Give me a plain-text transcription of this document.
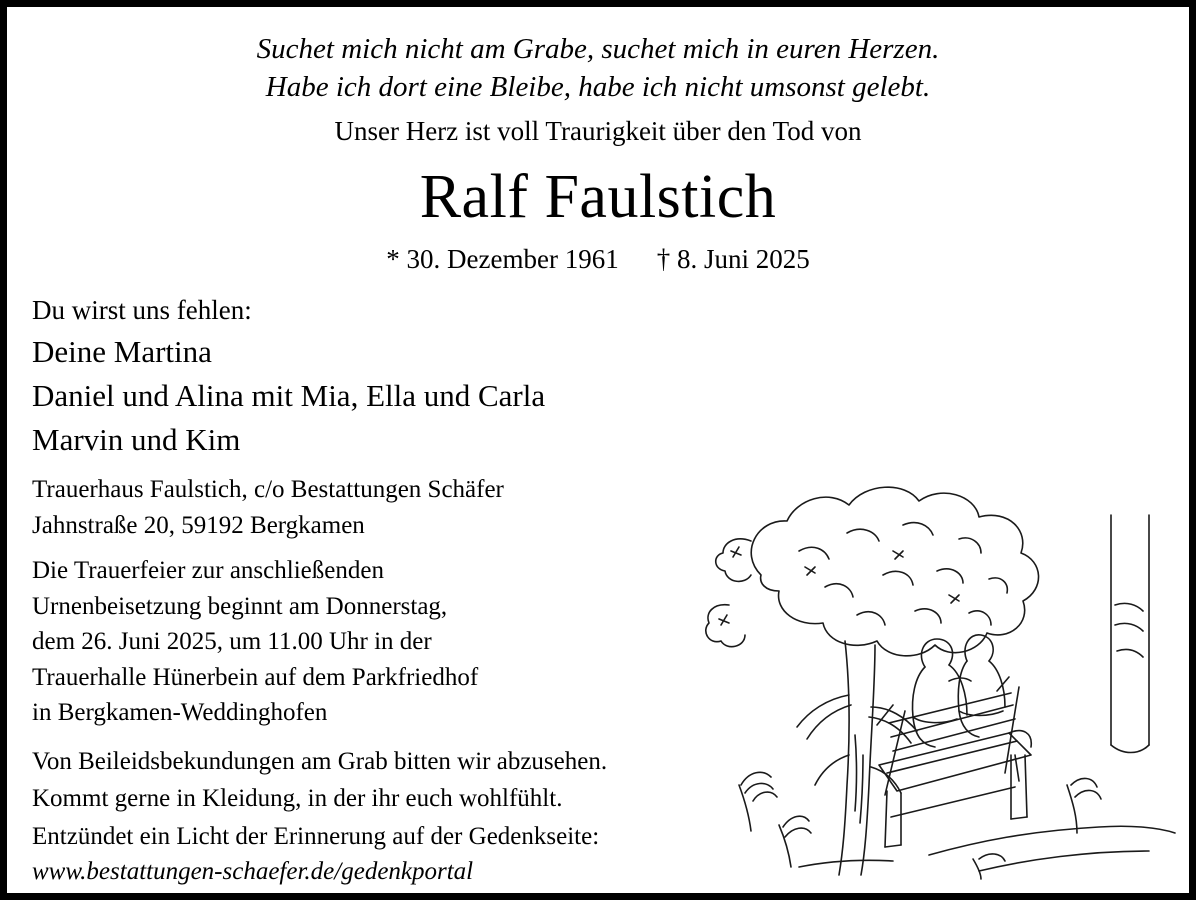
Suchet mich nicht am Grabe, suchet mich in euren Herzen.
Habe ich dort eine Bleibe, habe ich nicht umsonst gelebt.
Unser Herz ist voll Traurigkeit über den Tod von
Ralf Faulstich
* 30. Dezember 1961 † 8. Juni 2025
Du wirst uns fehlen:
Deine Martina
Daniel und Alina mit Mia, Ella und Carla
Marvin und Kim
Trauerhaus Faulstich, c/o Bestattungen Schäfer
Jahnstraße 20, 59192 Bergkamen
Die Trauerfeier zur anschließenden
Urnenbeisetzung beginnt am Donnerstag,
dem 26. Juni 2025, um 11.00 Uhr in der
Trauerhalle Hünerbein auf dem Parkfriedhof
in Bergkamen-Weddinghofen
Von Beileidsbekundungen am Grab bitten wir abzusehen.
Kommt gerne in Kleidung, in der ihr euch wohlfühlt.
Entzündet ein Licht der Erinnerung auf der Gedenkseite:
www.bestattungen-schaefer.de/gedenkportal
